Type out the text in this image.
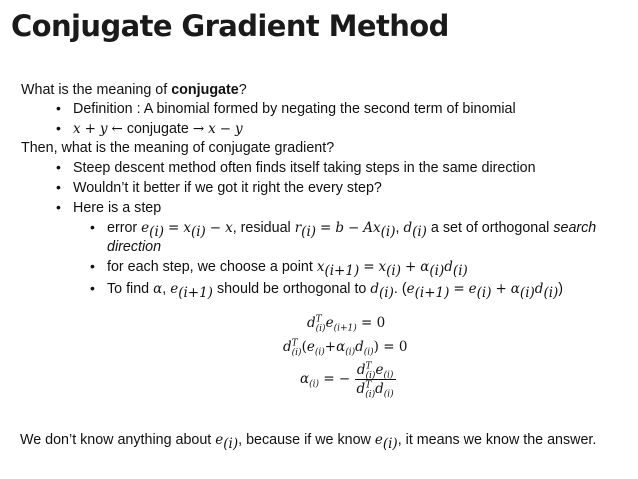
Conjugate Gradient Method
What is the meaning of conjugate?
• Definition : A binomial formed by negating the second term of binomial
• x + y ← conjugate → x − y
Then, what is the meaning of conjugate gradient?
• Steep descent method often finds itself taking steps in the same direction
• Wouldn’t it better if we got it right the every step?
• Here is a step
• error $e_{(i)} = x_{(i)} - x$, residual $r_{(i)} = b - Ax_{(i)}$, $d_{(i)}$ a set of orthogonal search
direction
• for each step, we choose a point $x_{(i+1)} = x_{(i)} + \alpha_{(i)}d_{(i)}$
• To find α, $e_{(i+1)}$ should be orthogonal to $d_{(i)}$. $(e_{(i+1)} = e_{(i)} + \alpha_{(i)}d_{(i)})$
$d^T_{(i)}e_{(i+1)} = 0$
$d^T_{(i)}(e_{(i)}+\alpha_{(i)}d_{(i)}) = 0$
$\alpha_{(i)}$ = − $\frac{d^T_{(i)}e_{(i)}}{d^T_{(i)}d_{(i)}}$
We don’t know anything about $e_{(i)}$, because if we know $e_{(i)}$, it means we know the answer.
